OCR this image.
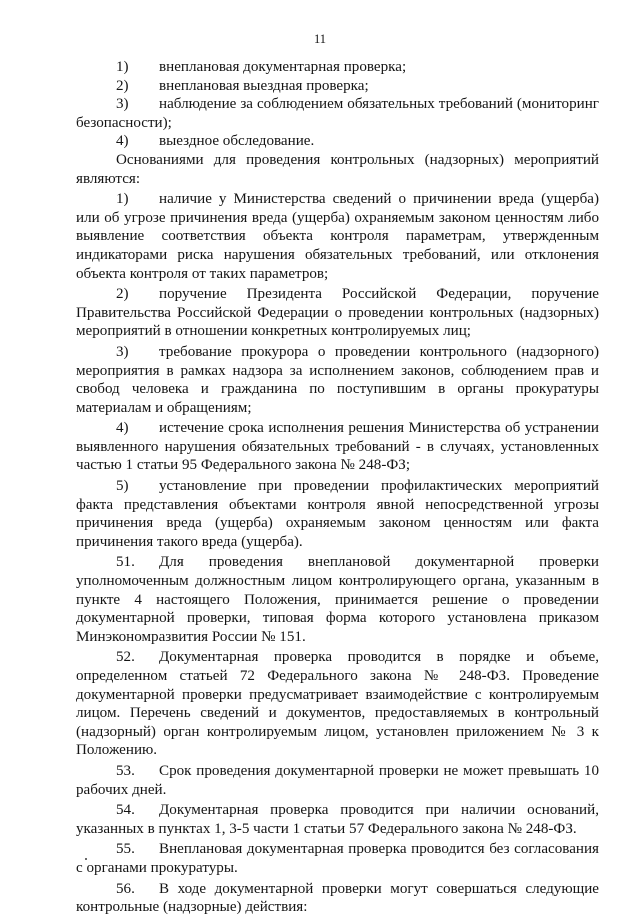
11

1) внеплановая документарная проверка;

2) внеплановая выездная проверка;

3) наблюдение за соблюдением обязательных требований (мониторинг
безопасности);

4) выездное обследование.

Основаниями для проведения контрольных (надзорных) мероприятий
являются:

1) наличие у Министерства сведений о причинении вреда (ущерба)
или об угрозе причинения вреда (ущерба) охраняемым законом ценностям либо
выявление соответствия объекта контроля параметрам, утвержденным
индикаторами риска нарушения обязательных требований, или отклонения
объекта контроля от таких параметров;

2) поручение Президента Российской Федерации, поручение
Правительства Российской Федерации о проведении контрольных (надзорных)
мероприятий в отношении конкретных контролируемых лиц;

3) требование прокурора о проведении контрольного (надзорного)
мероприятия в рамках надзора за исполнением законов, соблюдением прав и
свобод человека и гражданина по поступившим в органы прокуратуры
материалам и обращениям;

4) истечение срока исполнения решения Министерства об устранении
выявленного нарушения обязательных требований - в случаях, установленных
частью 1 статьи 95 Федерального закона № 248-ФЗ;

5) установление при проведении профилактических мероприятий
факта представления объектами контроля явной непосредственной угрозы
причинения вреда (ущерба) охраняемым законом ценностям или факта
причинения такого вреда (ущерба).

51. Для проведения внеплановой документарной проверки
уполномоченным должностным лицом контролирующего органа, указанным в
пункте 4 настоящего Положения, принимается решение о проведении
документарной проверки, типовая форма которого установлена приказом
Минэкономразвития России № 151.

52. Документарная проверка проводится в порядке и объеме,
определенном статьей 72 Федерального закона № 248-ФЗ. Проведение
документарной проверки предусматривает взаимодействие с контролируемым
лицом. Перечень сведений и документов, предоставляемых в контрольный
(надзорный) орган контролируемым лицом, установлен приложением № 3 к
Положению.

53. Срок проведения документарной проверки не может превышать 10
рабочих дней.

54. Документарная проверка проводится при наличии оснований,
указанных в пунктах 1, 3-5 части 1 статьи 57 Федерального закона № 248-ФЗ.

55. Внеплановая документарная проверка проводится без согласования
с органами прокуратуры.

56. В ходе документарной проверки могут совершаться следующие
контрольные (надзорные) действия:
